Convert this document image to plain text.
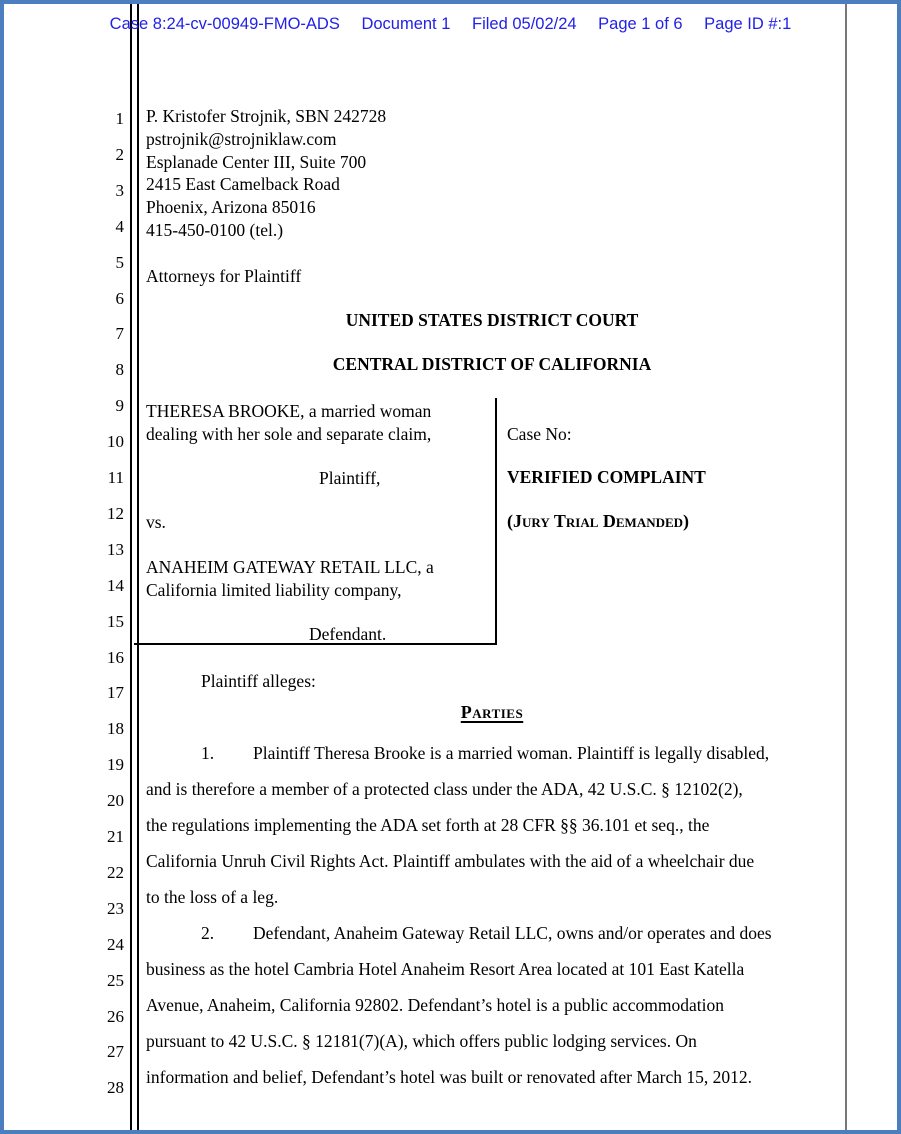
Case 8:24-cv-00949-FMO-ADS Document 1 Filed 05/02/24 Page 1 of 6 Page ID #:1
1
2
3
4
5
6
7
8
9
10
11
12
13
14
15
16
17
18
19
20
21
22
23
24
25
26
27
28
P. Kristofer Strojnik, SBN 242728
pstrojnik@strojniklaw.com
Esplanade Center III, Suite 700
2415 East Camelback Road
Phoenix, Arizona 85016
415-450-0100 (tel.)
Attorneys for Plaintiff
UNITED STATES DISTRICT COURT
CENTRAL DISTRICT OF CALIFORNIA
THERESA BROOKE, a married woman
dealing with her sole and separate claim,
Plaintiff,
vs.
ANAHEIM GATEWAY RETAIL LLC, a
California limited liability company,
Defendant.
Case No:
VERIFIED COMPLAINT
(Jury Trial Demanded)
Plaintiff alleges:
Parties
1. Plaintiff Theresa Brooke is a married woman. Plaintiff is legally disabled,
and is therefore a member of a protected class under the ADA, 42 U.S.C. § 12102(2),
the regulations implementing the ADA set forth at 28 CFR §§ 36.101 et seq., the
California Unruh Civil Rights Act. Plaintiff ambulates with the aid of a wheelchair due
to the loss of a leg.
2. Defendant, Anaheim Gateway Retail LLC, owns and/or operates and does
business as the hotel Cambria Hotel Anaheim Resort Area located at 101 East Katella
Avenue, Anaheim, California 92802. Defendant’s hotel is a public accommodation
pursuant to 42 U.S.C. § 12181(7)(A), which offers public lodging services. On
information and belief, Defendant’s hotel was built or renovated after March 15, 2012.
